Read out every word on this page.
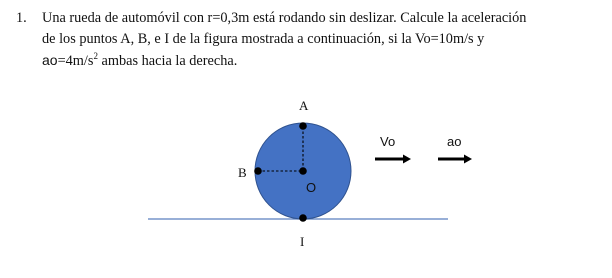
1. Una rueda de automóvil con r=0,3m está rodando sin deslizar. Calcule la aceleración
de los puntos A, B, e I de la figura mostrada a continuación, si la Vo=10m/s y
$ao=4m/s^2$ ambas hacia la derecha.
A
B
O
I
Vo	ao
